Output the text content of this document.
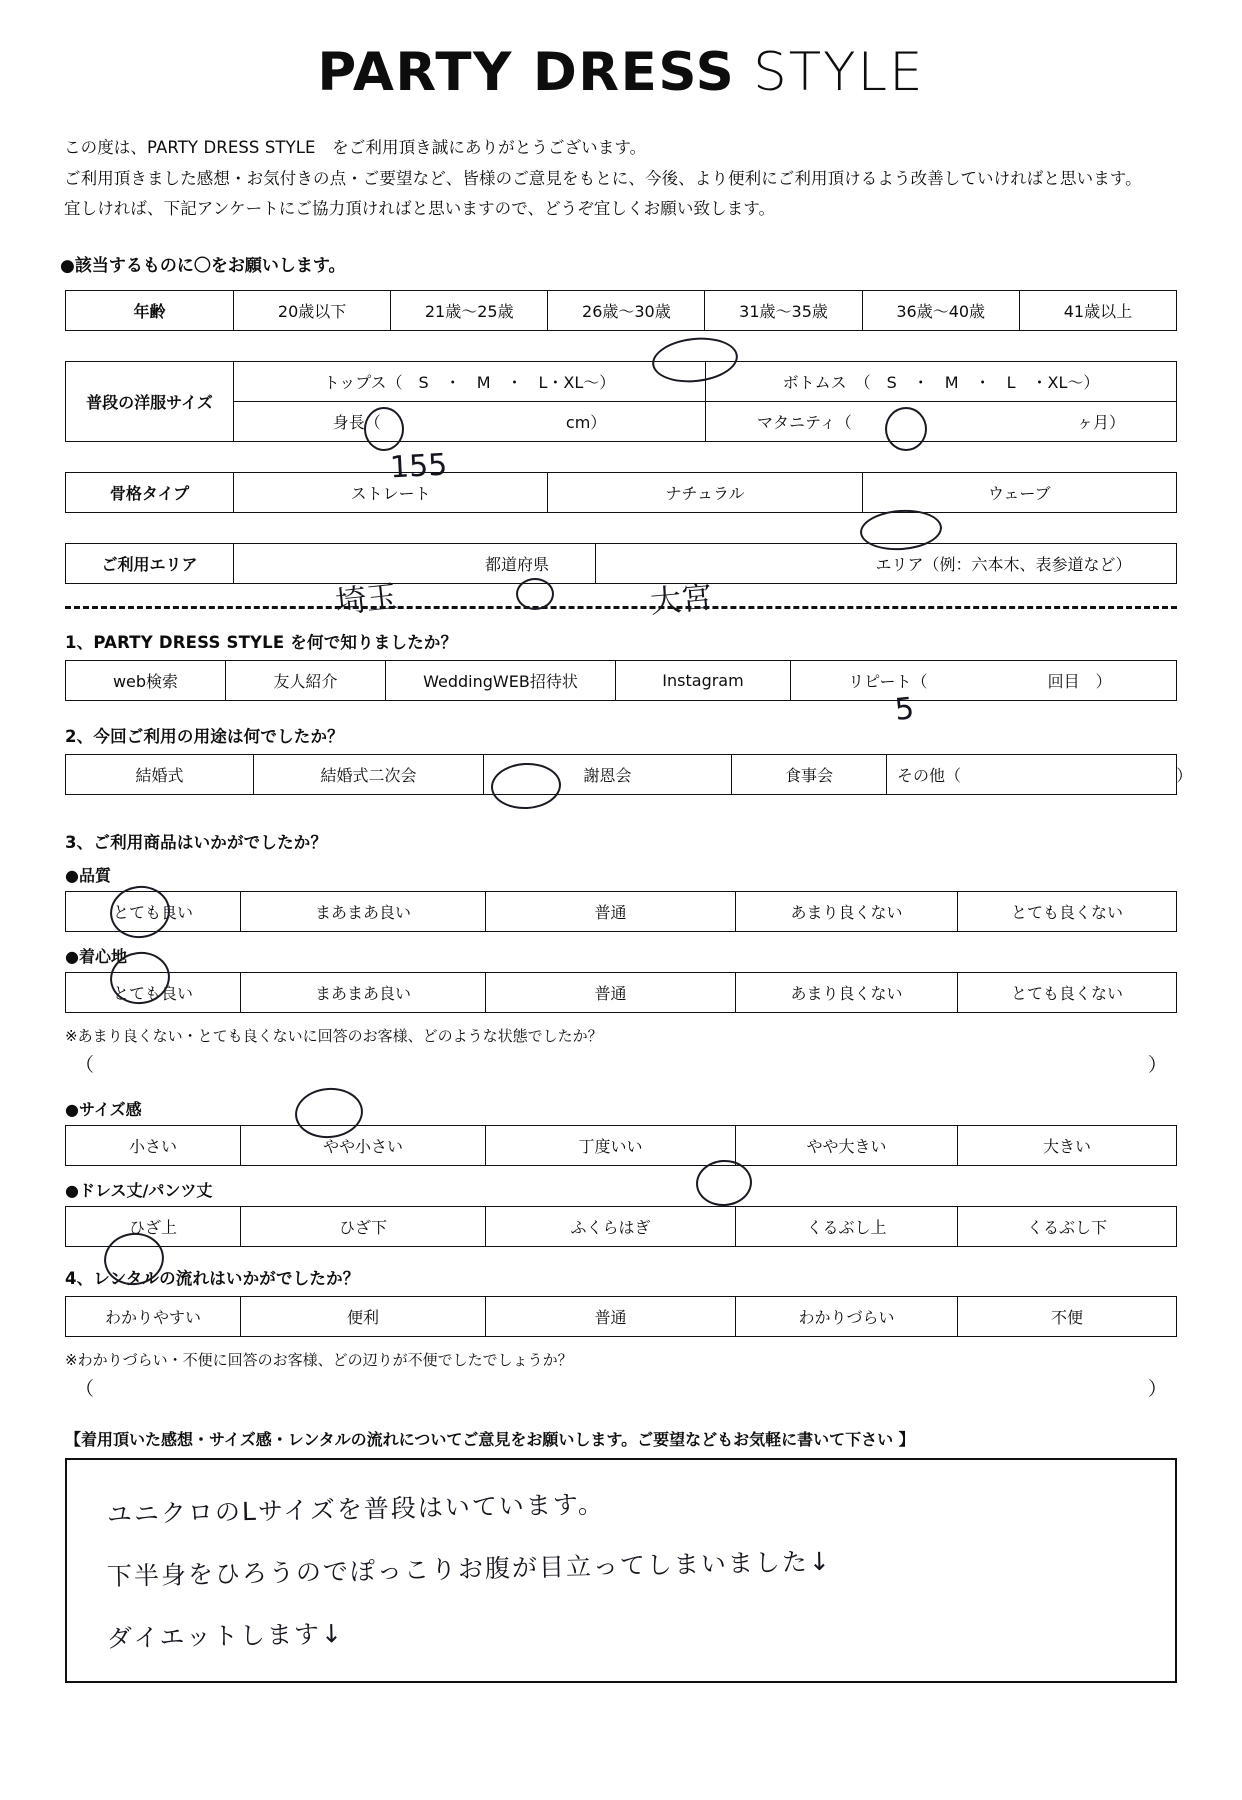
PARTY DRESS STYLE
この度は、PARTY DRESS STYLE　をご利用頂き誠にありがとうございます。
ご利用頂きました感想・お気付きの点・ご要望など、皆様のご意見をもとに、今後、より便利にご利用頂けるよう改善していければと思います。
宜しければ、下記アンケートにご協力頂ければと思いますので、どうぞ宜しくお願い致します。
●該当するものに〇をお願いします。
年齢	20歳以下	21歳～25歳	26歳～30歳	31歳～35歳	36歳～40歳	41歳以上
普段の洋服サイズ	トップス（　S　・　M　・　L・XL～）	ボトムス　（　S　・　M　・　L　・XL～）
	身長（ cm）	マタニティ（ ヶ月）
骨格タイプ	ストレート	ナチュラル	ウェーブ
ご利用エリア	都道府県	エリア（例：六本木、表参道など）
1、PARTY DRESS STYLE を何で知りましたか？
web検索	友人紹介	WeddingWEB招待状	Instagram	リピート（	回目　）
2、今回ご利用の用途は何でしたか？
結婚式	結婚式二次会	謝恩会	食事会	その他（	）
3、ご利用商品はいかがでしたか？
●品質
とても良い	まあまあ良い	普通	あまり良くない	とても良くない
●着心地
とても良い	まあまあ良い	普通	あまり良くない	とても良くない
※あまり良くない・とても良くないに回答のお客様、どのような状態でしたか？
（	）
●サイズ感
小さい	やや小さい	丁度いい	やや大きい	大きい
●ドレス丈/パンツ丈
ひざ上	ひざ下	ふくらはぎ	くるぶし上	くるぶし下
4、レンタルの流れはいかがでしたか？
わかりやすい	便利	普通	わかりづらい	不便
※わかりづらい・不便に回答のお客様、どの辺りが不便でしたでしょうか？
（	）
【着用頂いた感想・サイズ感・レンタルの流れについてご意見をお願いします。ご要望などもお気軽に書いて下さい 】
ユニクロのLサイズを普段はいています。
下半身をひろうのでぽっこりお腹が目立ってしまいました↓
ダイエットします↓
155
埼玉	大宮
5
